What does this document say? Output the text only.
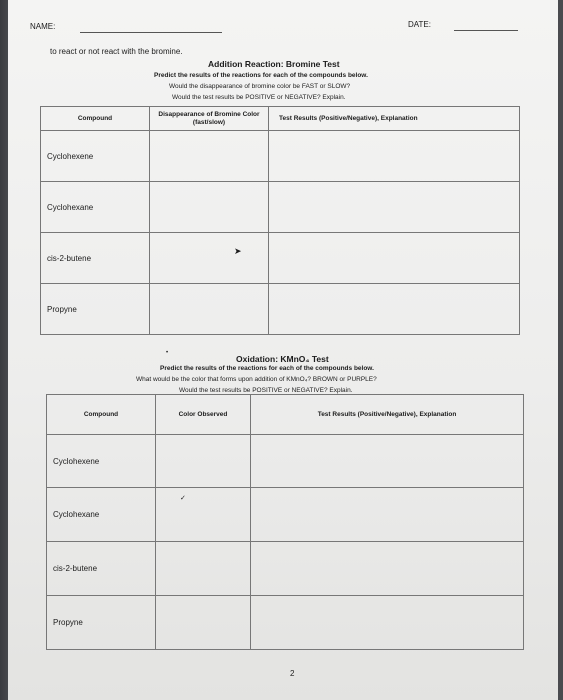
NAME:	DATE:
to react or not react with the bromine.
Addition Reaction: Bromine Test
Predict the results of the reactions for each of the compounds below.
Would the disappearance of bromine color be FAST or SLOW?
Would the test results be POSITIVE or NEGATIVE? Explain.
Compound	Disappearance of Bromine Color (fast/slow)	Test Results (Positive/Negative), Explanation
Cyclohexene		
Cyclohexane		
cis-2-butene		
Propyne		
➤
•
Oxidation: KMnO₄ Test
Predict the results of the reactions for each of the compounds below.
What would be the color that forms upon addition of KMnO₄? BROWN or PURPLE?
Would the test results be POSITIVE or NEGATIVE? Explain.
Compound	Color Observed	Test Results (Positive/Negative), Explanation
Cyclohexene		
Cyclohexane		
cis-2-butene		
Propyne		
✓
2
